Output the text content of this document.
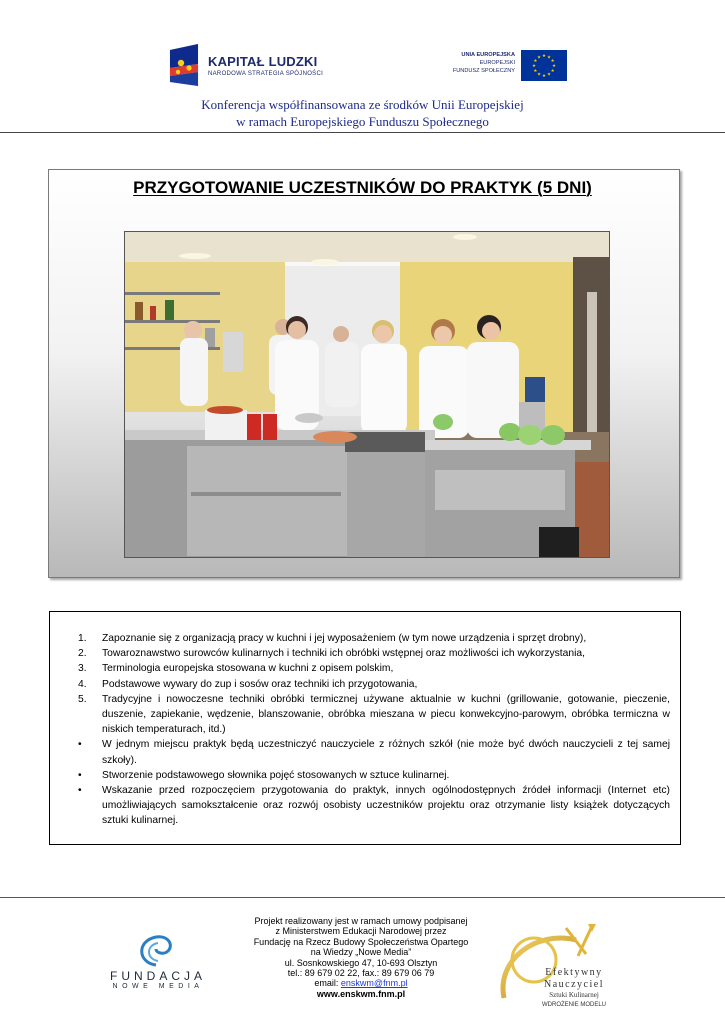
KAPITAŁ LUDZKI
NARODOWA STRATEGIA SPÓJNOŚCI
UNIA EUROPEJSKA
EUROPEJSKI
FUNDUSZ SPOŁECZNY
★ ★
★
★
★
★
★
★
★
★
★
★
Konferencja współfinansowana ze środków Unii Europejskiej
w ramach Europejskiego Funduszu Społecznego
PRZYGOTOWANIE UCZESTNIKÓW DO PRAKTYK (5 DNI)
1. Zapoznanie się z organizacją pracy w kuchni i jej wyposażeniem (w tym nowe urządzenia i sprzęt drobny),
2. Towaroznawstwo surowców kulinarnych i techniki ich obróbki wstępnej oraz możliwości ich wykorzystania,
3. Terminologia europejska stosowana w kuchni z opisem polskim,
4. Podstawowe wywary do zup i sosów oraz techniki ich przygotowania,
5. Tradycyjne i nowoczesne techniki obróbki termicznej używane aktualnie w kuchni (grillowanie, gotowanie, pieczenie, duszenie, zapiekanie, wędzenie, blanszowanie, obróbka mieszana w piecu konwekcyjno-parowym, obróbka termiczna w niskich temperaturach, itd.)
• W jednym miejscu praktyk będą uczestniczyć nauczyciele z różnych szkół (nie może być dwóch nauczycieli z tej samej szkoły).
• Stworzenie podstawowego słownika pojęć stosowanych w sztuce kulinarnej.
• Wskazanie przed rozpoczęciem przygotowania do praktyk, innych ogólnodostępnych źródeł informacji (Internet etc) umożliwiających samokształcenie oraz rozwój osobisty uczestników projektu oraz otrzymanie listy książek dotyczących sztuki kulinarnej.
FUNDACJA
NOWE MEDIA
Projekt realizowany jest w ramach umowy podpisanej
z Ministerstwem Edukacji Narodowej przez
Fundację na Rzecz Budowy Społeczeństwa Opartego
na Wiedzy „Nowe Media”
ul. Sosnkowskiego 47, 10-693 Olsztyn
tel.: 89 679 02 22, fax.: 89 679 06 79
email: enskwm@fnm.pl
www.enskwm.fnm.pl
Efektywny
Nauczyciel
Sztuki Kulinarnej
WDROŻENIE MODELU
